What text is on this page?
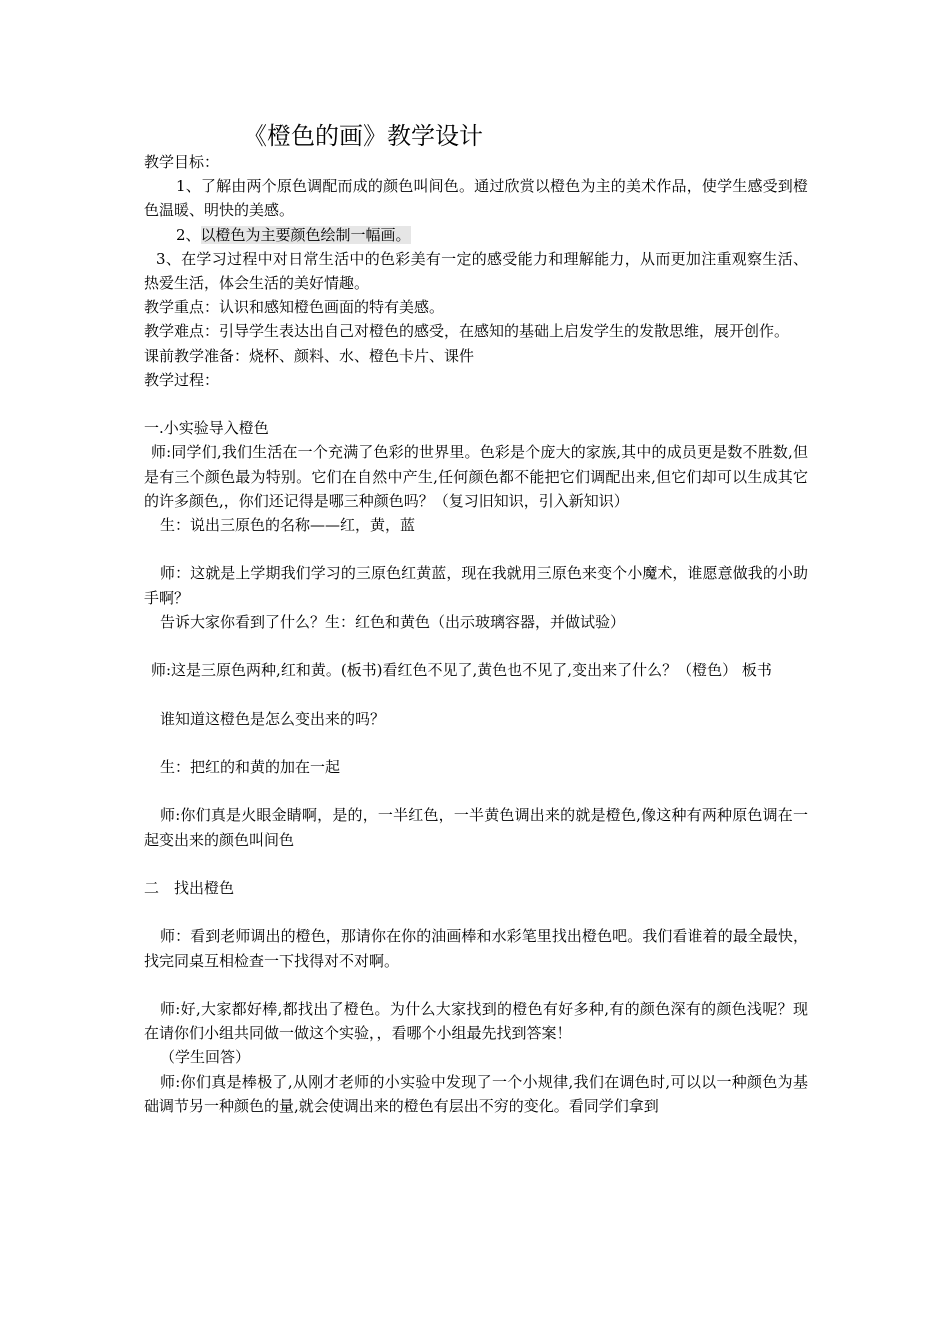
《橙色的画》教学设计

教学目标：

1、了解由两个原色调配而成的颜色叫间色。通过欣赏以橙色为主的美术作品，使学生感受到橙色温暖、明快的美感。

2、以橙色为主要颜色绘制一幅画。

3、在学习过程中对日常生活中的色彩美有一定的感受能力和理解能力，从而更加注重观察生活、热爱生活，体会生活的美好情趣。

教学重点：认识和感知橙色画面的特有美感。

教学难点：引导学生表达出自己对橙色的感受，在感知的基础上启发学生的发散思维，展开创作。

课前教学准备：烧杯、颜料、水、橙色卡片、课件

教学过程：

一.小实验导入橙色

师:同学们,我们生活在一个充满了色彩的世界里。色彩是个庞大的家族,其中的成员更是数不胜数,但是有三个颜色最为特别。它们在自然中产生,任何颜色都不能把它们调配出来,但它们却可以生成其它的许多颜色,，你们还记得是哪三种颜色吗？（复习旧知识，引入新知识）

生：说出三原色的名称——红，黄，蓝

师：这就是上学期我们学习的三原色红黄蓝，现在我就用三原色来变个小魔术，谁愿意做我的小助手啊？

告诉大家你看到了什么？生：红色和黄色（出示玻璃容器，并做试验）

师:这是三原色两种,红和黄。(板书)看红色不见了,黄色也不见了,变出来了什么？（橙色） 板书

谁知道这橙色是怎么变出来的吗？

生：把红的和黄的加在一起

师:你们真是火眼金睛啊，是的，一半红色，一半黄色调出来的就是橙色,像这种有两种原色调在一起变出来的颜色叫间色

二　找出橙色

师：看到老师调出的橙色，那请你在你的油画棒和水彩笔里找出橙色吧。我们看谁着的最全最快，找完同桌互相检查一下找得对不对啊。

师:好,大家都好棒,都找出了橙色。为什么大家找到的橙色有好多种,有的颜色深有的颜色浅呢？现在请你们小组共同做一做这个实验，，看哪个小组最先找到答案！

（学生回答）

师:你们真是棒极了,从刚才老师的小实验中发现了一个小规律,我们在调色时,可以以一种颜色为基础调节另一种颜色的量,就会使调出来的橙色有层出不穷的变化。看同学们拿到
